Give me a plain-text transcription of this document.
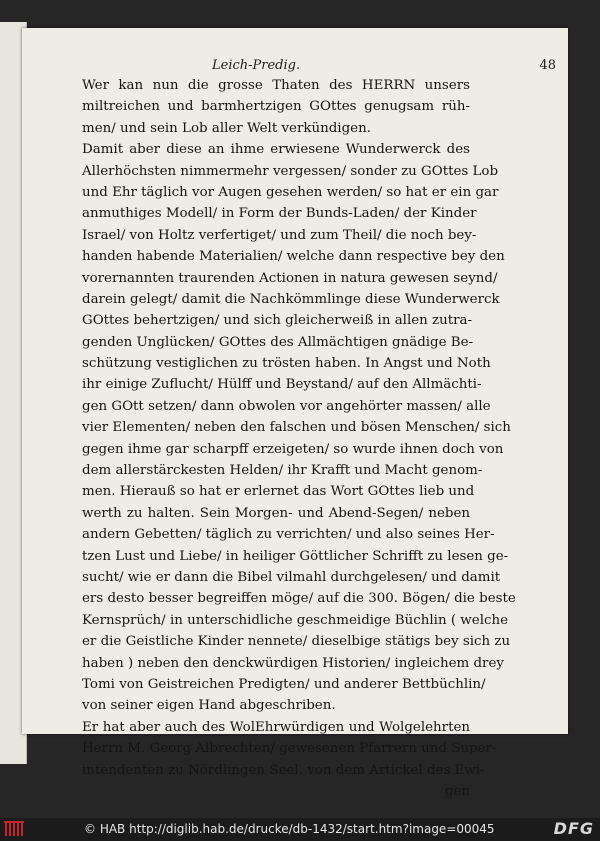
Leich-Predig.	48
Wer kan nun die grosse Thaten des HERRN unsers
miltreichen und barmhertzigen GOttes genugsam rüh-
men/ und sein Lob aller Welt verkündigen.
Damit aber diese an ihme erwiesene Wunderwerck des
Allerhöchsten nimmermehr vergessen/ sonder zu GOttes Lob
und Ehr täglich vor Augen gesehen werden/ so hat er ein gar
anmuthiges Modell/ in Form der Bunds-Laden/ der Kinder
Israel/ von Holtz verfertiget/ und zum Theil/ die noch bey-
handen habende Materialien/ welche dann respective bey den
vorernannten traurenden Actionen in natura gewesen seynd/
darein gelegt/ damit die Nachkömmlinge diese Wunderwerck
GOttes behertzigen/ und sich gleicherweiß in allen zutra-
genden Unglücken/ GOttes des Allmächtigen gnädige Be-
schützung vestiglichen zu trösten haben. In Angst und Noth
ihr einige Zuflucht/ Hülff und Beystand/ auf den Allmächti-
gen GOtt setzen/ dann obwolen vor angehörter massen/ alle
vier Elementen/ neben den falschen und bösen Menschen/ sich
gegen ihme gar scharpff erzeigeten/ so wurde ihnen doch von
dem allerstärckesten Helden/ ihr Krafft und Macht genom-
men. Hierauß so hat er erlernet das Wort GOttes lieb und
werth zu halten. Sein Morgen- und Abend-Segen/ neben
andern Gebetten/ täglich zu verrichten/ und also seines Her-
tzen Lust und Liebe/ in heiliger Göttlicher Schrifft zu lesen ge-
sucht/ wie er dann die Bibel vilmahl durchgelesen/ und damit
ers desto besser begreiffen möge/ auf die 300. Bögen/ die beste
Kernsprüch/ in unterschidliche geschmeidige Büchlin ( welche
er die Geistliche Kinder nennete/ dieselbige stätigs bey sich zu
haben ) neben den denckwürdigen Historien/ ingleichem drey
Tomi von Geistreichen Predigten/ und anderer Bettbüchlin/
von seiner eigen Hand abgeschriben.
Er hat aber auch des WolEhrwürdigen und Wolgelehrten
Herrn M. Georg Albrechten/ gewesenen Pfarrern und Super-
intendenten zu Nördlingen Seel. von dem Artickel des Ewi-
gen
© HAB http://diglib.hab.de/drucke/db-1432/start.htm?image=00045	DFG
